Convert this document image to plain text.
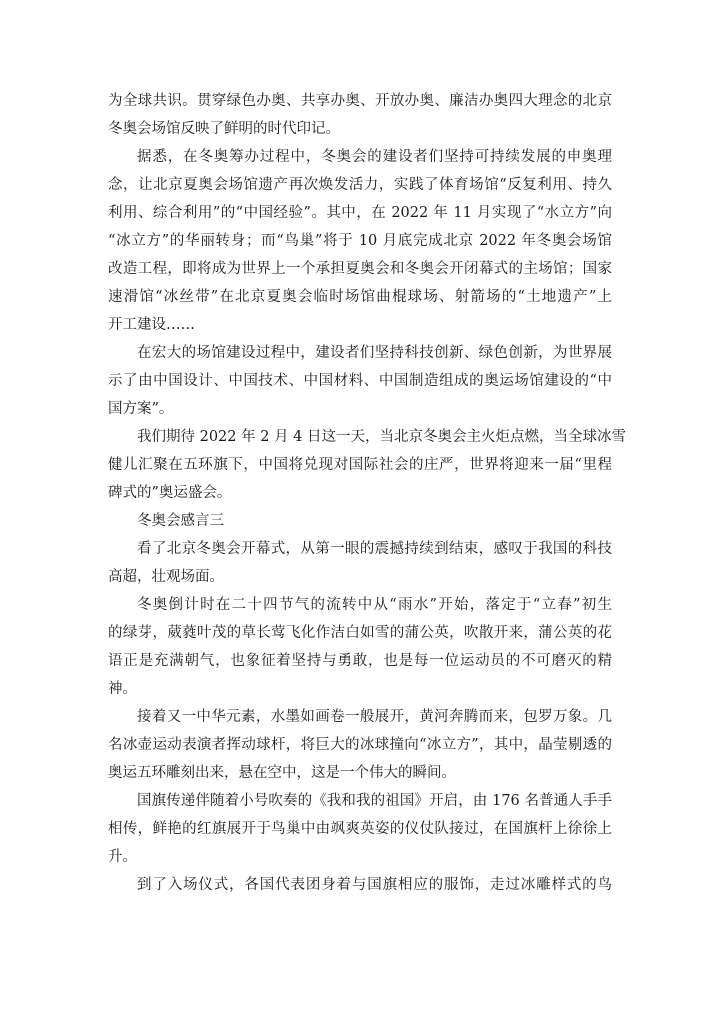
为全球共识。贯穿绿色办奥、共享办奥、开放办奥、廉洁办奥四大理念的北京
冬奥会场馆反映了鲜明的时代印记。
据悉，在冬奥筹办过程中，冬奥会的建设者们坚持可持续发展的申奥理
念，让北京夏奥会场馆遗产再次焕发活力，实践了体育场馆“反复利用、持久
利用、综合利用”的“中国经验”。其中，在 2022 年 11 月实现了“水立方”向
“冰立方”的华丽转身；而“鸟巢”将于 10 月底完成北京 2022 年冬奥会场馆
改造工程，即将成为世界上一个承担夏奥会和冬奥会开闭幕式的主场馆；国家
速滑馆“冰丝带”在北京夏奥会临时场馆曲棍球场、射箭场的“土地遗产”上
开工建设……
在宏大的场馆建设过程中，建设者们坚持科技创新、绿色创新，为世界展
示了由中国设计、中国技术、中国材料、中国制造组成的奥运场馆建设的“中
国方案”。
我们期待 2022 年 2 月 4 日这一天，当北京冬奥会主火炬点燃，当全球冰雪
健儿汇聚在五环旗下，中国将兑现对国际社会的庄严，世界将迎来一届“里程
碑式的”奥运盛会。
冬奥会感言三
看了北京冬奥会开幕式，从第一眼的震撼持续到结束，感叹于我国的科技
高超，壮观场面。
冬奥倒计时在二十四节气的流转中从“雨水”开始，落定于“立春”初生
的绿芽，葳蕤叶茂的草长莺飞化作洁白如雪的蒲公英，吹散开来，蒲公英的花
语正是充满朝气，也象征着坚持与勇敢，也是每一位运动员的不可磨灭的精
神。
接着又一中华元素，水墨如画卷一般展开，黄河奔腾而来，包罗万象。几
名冰壶运动表演者挥动球杆，将巨大的冰球撞向“冰立方”，其中，晶莹剔透的
奥运五环雕刻出来，悬在空中，这是一个伟大的瞬间。
国旗传递伴随着小号吹奏的《我和我的祖国》开启，由 176 名普通人手手
相传，鲜艳的红旗展开于鸟巢中由飒爽英姿的仪仗队接过，在国旗杆上徐徐上
升。
到了入场仪式，各国代表团身着与国旗相应的服饰，走过冰雕样式的鸟
